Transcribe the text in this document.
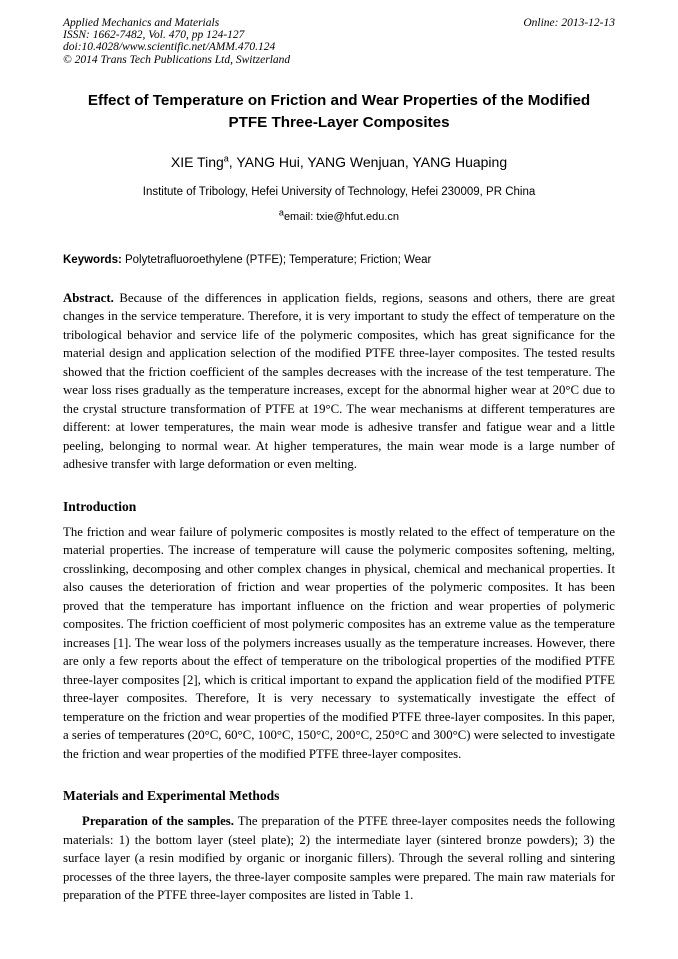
Applied Mechanics and Materials
ISSN: 1662-7482, Vol. 470, pp 124-127
doi:10.4028/www.scientific.net/AMM.470.124
© 2014 Trans Tech Publications Ltd, Switzerland
Online: 2013-12-13
Effect of Temperature on Friction and Wear Properties of the Modified PTFE Three-Layer Composites
XIE Ting$^a$, YANG Hui, YANG Wenjuan, YANG Huaping
Institute of Tribology, Hefei University of Technology, Hefei 230009, PR China
$^a$email: txie@hfut.edu.cn
Keywords: Polytetrafluoroethylene (PTFE); Temperature; Friction; Wear

Abstract. Because of the differences in application fields, regions, seasons and others, there are great changes in the service temperature. Therefore, it is very important to study the effect of temperature on the tribological behavior and service life of the polymeric composites, which has great significance for the material design and application selection of the modified PTFE three-layer composites. The tested results showed that the friction coefficient of the samples decreases with the increase of the test temperature. The wear loss rises gradually as the temperature increases, except for the abnormal higher wear at 20°C due to the crystal structure transformation of PTFE at 19°C. The wear mechanisms at different temperatures are different: at lower temperatures, the main wear mode is adhesive transfer and fatigue wear and a little peeling, belonging to normal wear. At higher temperatures, the main wear mode is a large number of adhesive transfer with large deformation or even melting.

Introduction

The friction and wear failure of polymeric composites is mostly related to the effect of temperature on the material properties. The increase of temperature will cause the polymeric composites softening, melting, crosslinking, decomposing and other complex changes in physical, chemical and mechanical properties. It also causes the deterioration of friction and wear properties of the polymeric composites. It has been proved that the temperature has important influence on the friction and wear properties of polymeric composites. The friction coefficient of most polymeric composites has an extreme value as the temperature increases [1]. The wear loss of the polymers increases usually as the temperature increases. However, there are only a few reports about the effect of temperature on the tribological properties of the modified PTFE three-layer composites [2], which is critical important to expand the application field of the modified PTFE three-layer composites. Therefore, It is very necessary to systematically investigate the effect of temperature on the friction and wear properties of the modified PTFE three-layer composites. In this paper, a series of temperatures (20°C, 60°C, 100°C, 150°C, 200°C, 250°C and 300°C) were selected to investigate the friction and wear properties of the modified PTFE three-layer composites.

Materials and Experimental Methods

Preparation of the samples. The preparation of the PTFE three-layer composites needs the following materials: 1) the bottom layer (steel plate); 2) the intermediate layer (sintered bronze powders); 3) the surface layer (a resin modified by organic or inorganic fillers). Through the several rolling and sintering processes of the three layers, the three-layer composite samples were prepared. The main raw materials for preparation of the PTFE three-layer composites are listed in Table 1.
